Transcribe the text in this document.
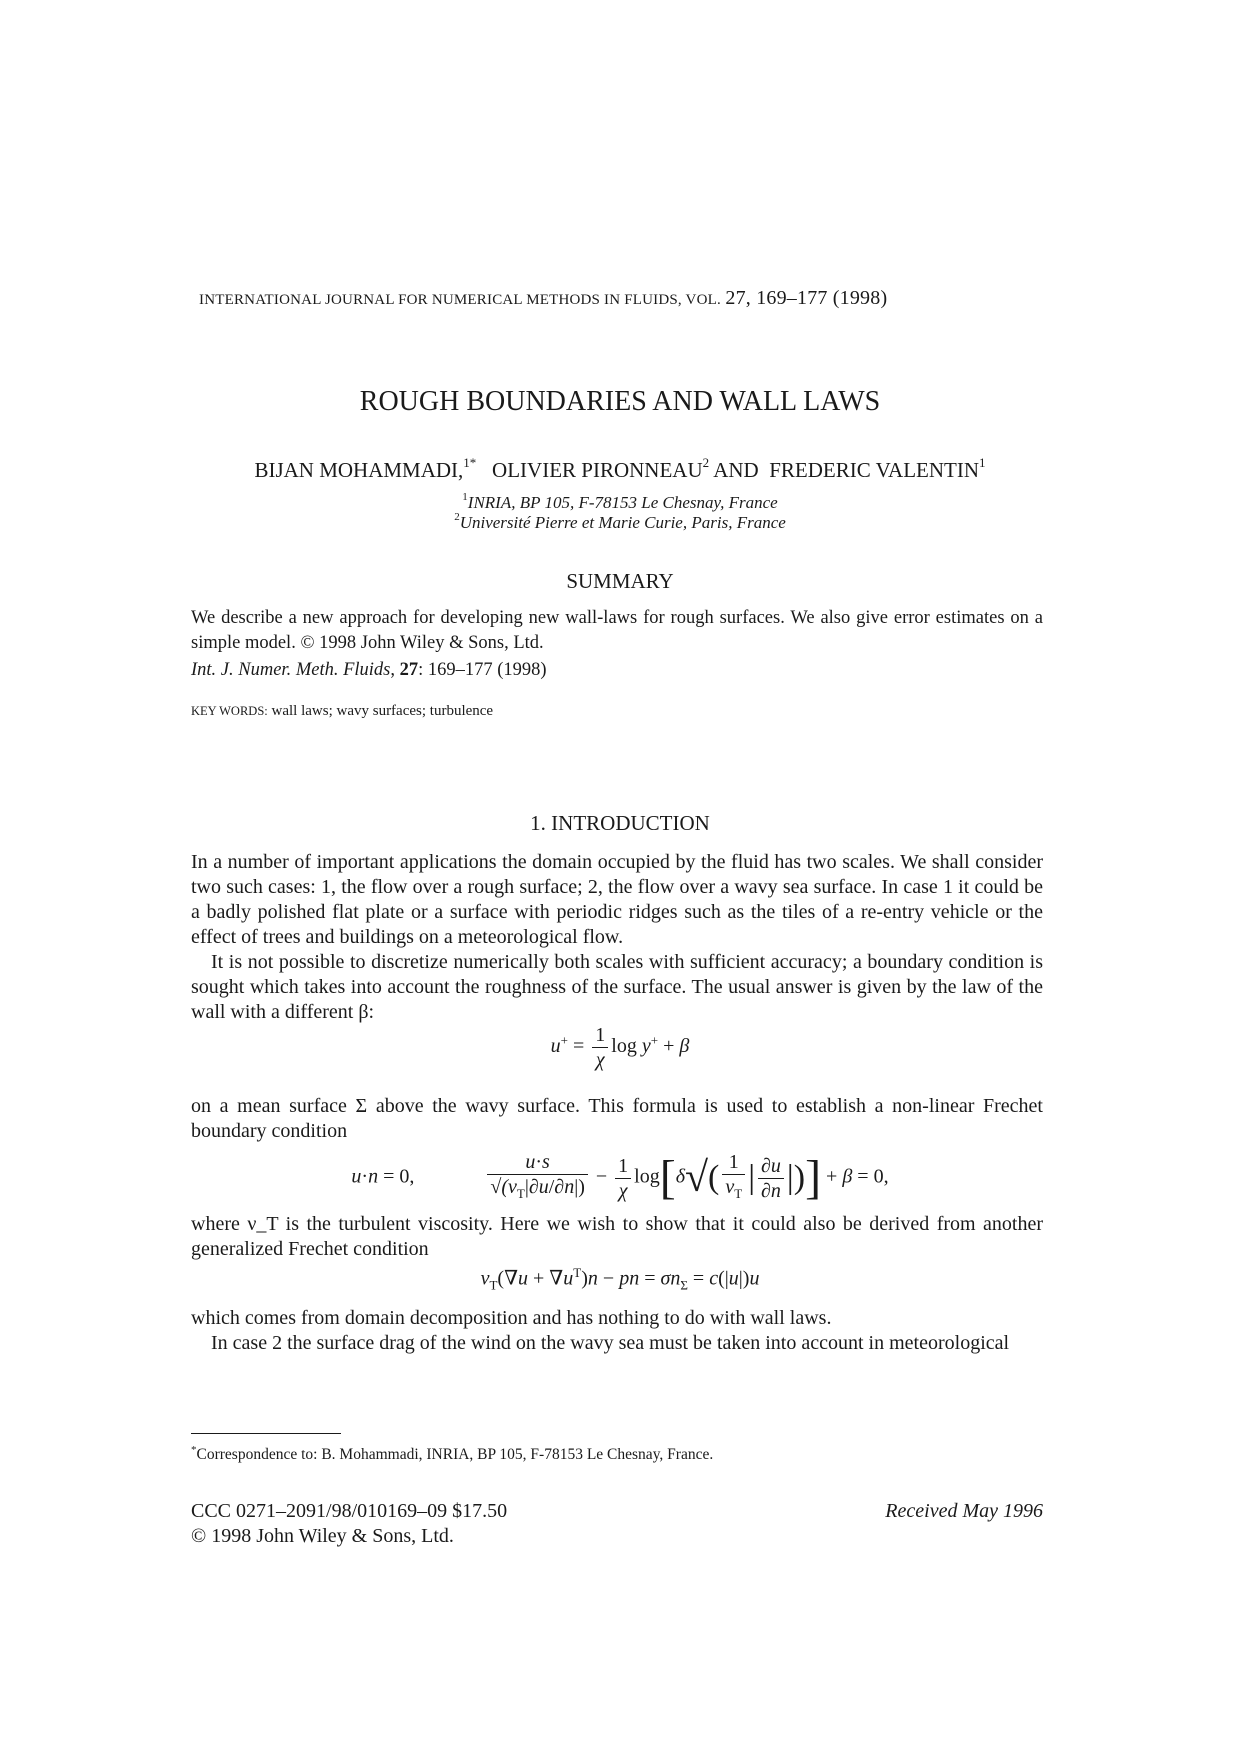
INTERNATIONAL JOURNAL FOR NUMERICAL METHODS IN FLUIDS, VOL. 27, 169–177 (1998)
ROUGH BOUNDARIES AND WALL LAWS
BIJAN MOHAMMADI,$^{1*}$ OLIVIER PIRONNEAU$^2$ AND FREDERIC VALENTIN$^1$
$^1$INRIA, BP 105, F-78153 Le Chesnay, France
$^2$Université Pierre et Marie Curie, Paris, France
SUMMARY
We describe a new approach for developing new wall-laws for rough surfaces. We also give error estimates on a simple model. © 1998 John Wiley & Sons, Ltd.
Int. J. Numer. Meth. Fluids, 27: 169–177 (1998)
KEY WORDS: wall laws; wavy surfaces; turbulence
1. INTRODUCTION

In a number of important applications the domain occupied by the fluid has two scales. We shall consider two such cases: 1, the flow over a rough surface; 2, the flow over a wavy sea surface. In case 1 it could be a badly polished flat plate or a surface with periodic ridges such as the tiles of a re-entry vehicle or the effect of trees and buildings on a meteorological flow.

It is not possible to discretize numerically both scales with sufficient accuracy; a boundary condition is sought which takes into account the roughness of the surface. The usual answer is given by the law of the wall with a different β:

$u^+ = \frac{1}{\chi}$ log y+ + β

on a mean surface Σ above the wavy surface. This formula is used to establish a non-linear Frechet boundary condition

u·n = 0,	$\frac{u\cdot s}{√(\nu_T|\partial u/\partial n|)} - \frac{1}{\chi} \log[\delta√( \frac{1}{\nu_T}$ | $\frac{\partial u}{\partial n}$ |)] + β = 0,

where ν_T is the turbulent viscosity. Here we wish to show that it could also be derived from another generalized Frechet condition

$\nu_T(\nabla u + \nabla u^T)n$ − pn = $\sigma n_\Sigma = c(|u|)u$

which comes from domain decomposition and has nothing to do with wall laws.

In case 2 the surface drag of the wind on the wavy sea must be taken into account in meteorological

*Correspondence to: B. Mohammadi, INRIA, BP 105, F-78153 Le Chesnay, France.
CCC 0271–2091/98/010169–09 $17.50
© 1998 John Wiley & Sons, Ltd.
Received May 1996
